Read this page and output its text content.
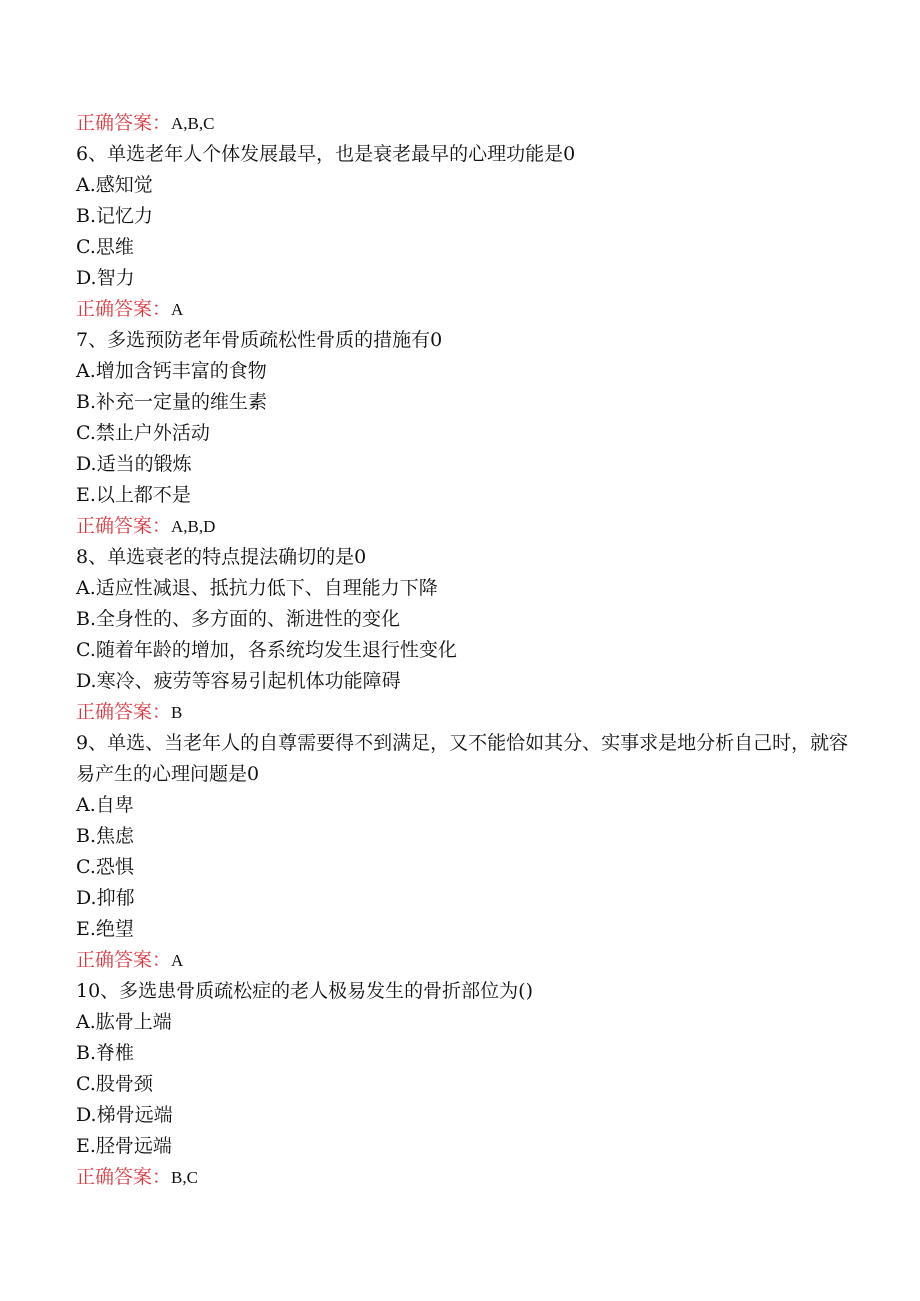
正确答案：A,B,C
6、单选老年人个体发展最早，也是衰老最早的心理功能是0
A.感知觉
B.记忆力
C.思维
D.智力
正确答案：A
7、多选预防老年骨质疏松性骨质的措施有0
A.增加含钙丰富的食物
B.补充一定量的维生素
C.禁止户外活动
D.适当的锻炼
E.以上都不是
正确答案：A,B,D
8、单选衰老的特点提法确切的是0
A.适应性减退、抵抗力低下、自理能力下降
B.全身性的、多方面的、渐进性的变化
C.随着年龄的增加，各系统均发生退行性变化
D.寒冷、疲劳等容易引起机体功能障碍
正确答案：B
9、单选、当老年人的自尊需要得不到满足，又不能恰如其分、实事求是地分析自己时，就容易产生的心理问题是0
A.自卑
B.焦虑
C.恐惧
D.抑郁
E.绝望
正确答案：A
10、多选患骨质疏松症的老人极易发生的骨折部位为()
A.肱骨上端
B.脊椎
C.股骨颈
D.梯骨远端
E.胫骨远端
正确答案：B,C
